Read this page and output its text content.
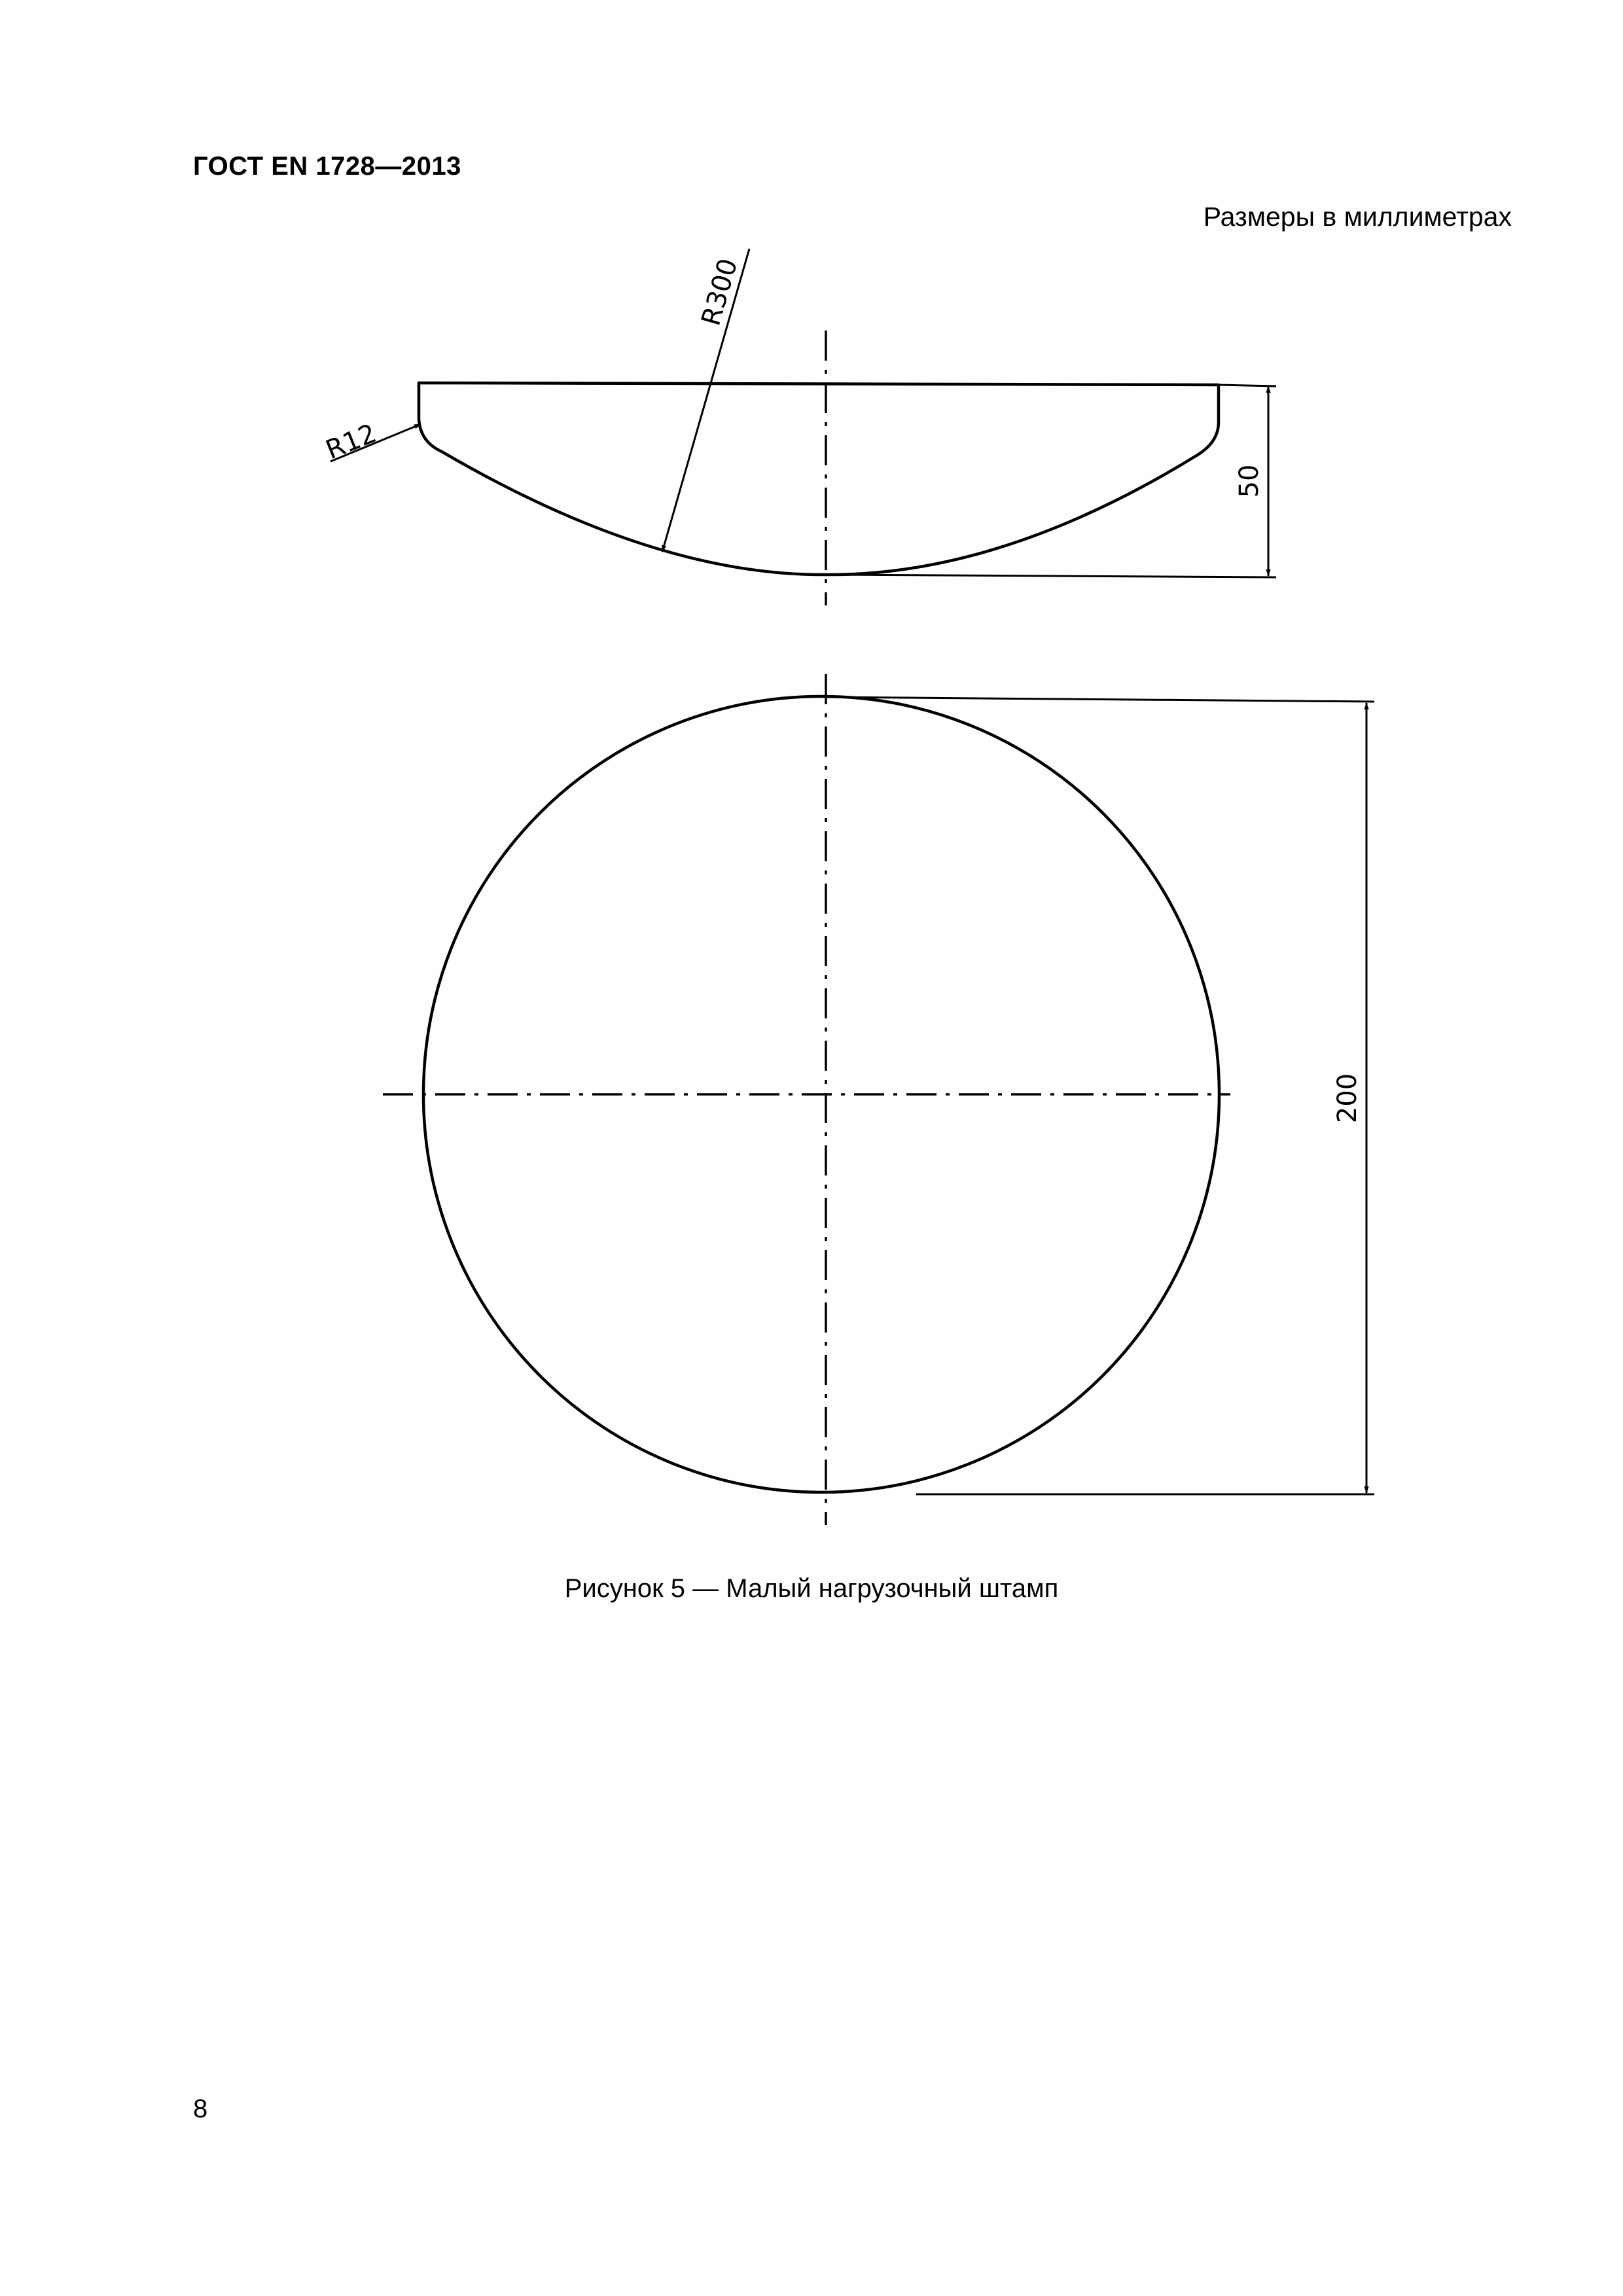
ГОСТ EN 1728—2013

Размеры в миллиметрах

50
R300
R12
200

Рисунок 5 — Малый нагрузочный штамп

8
